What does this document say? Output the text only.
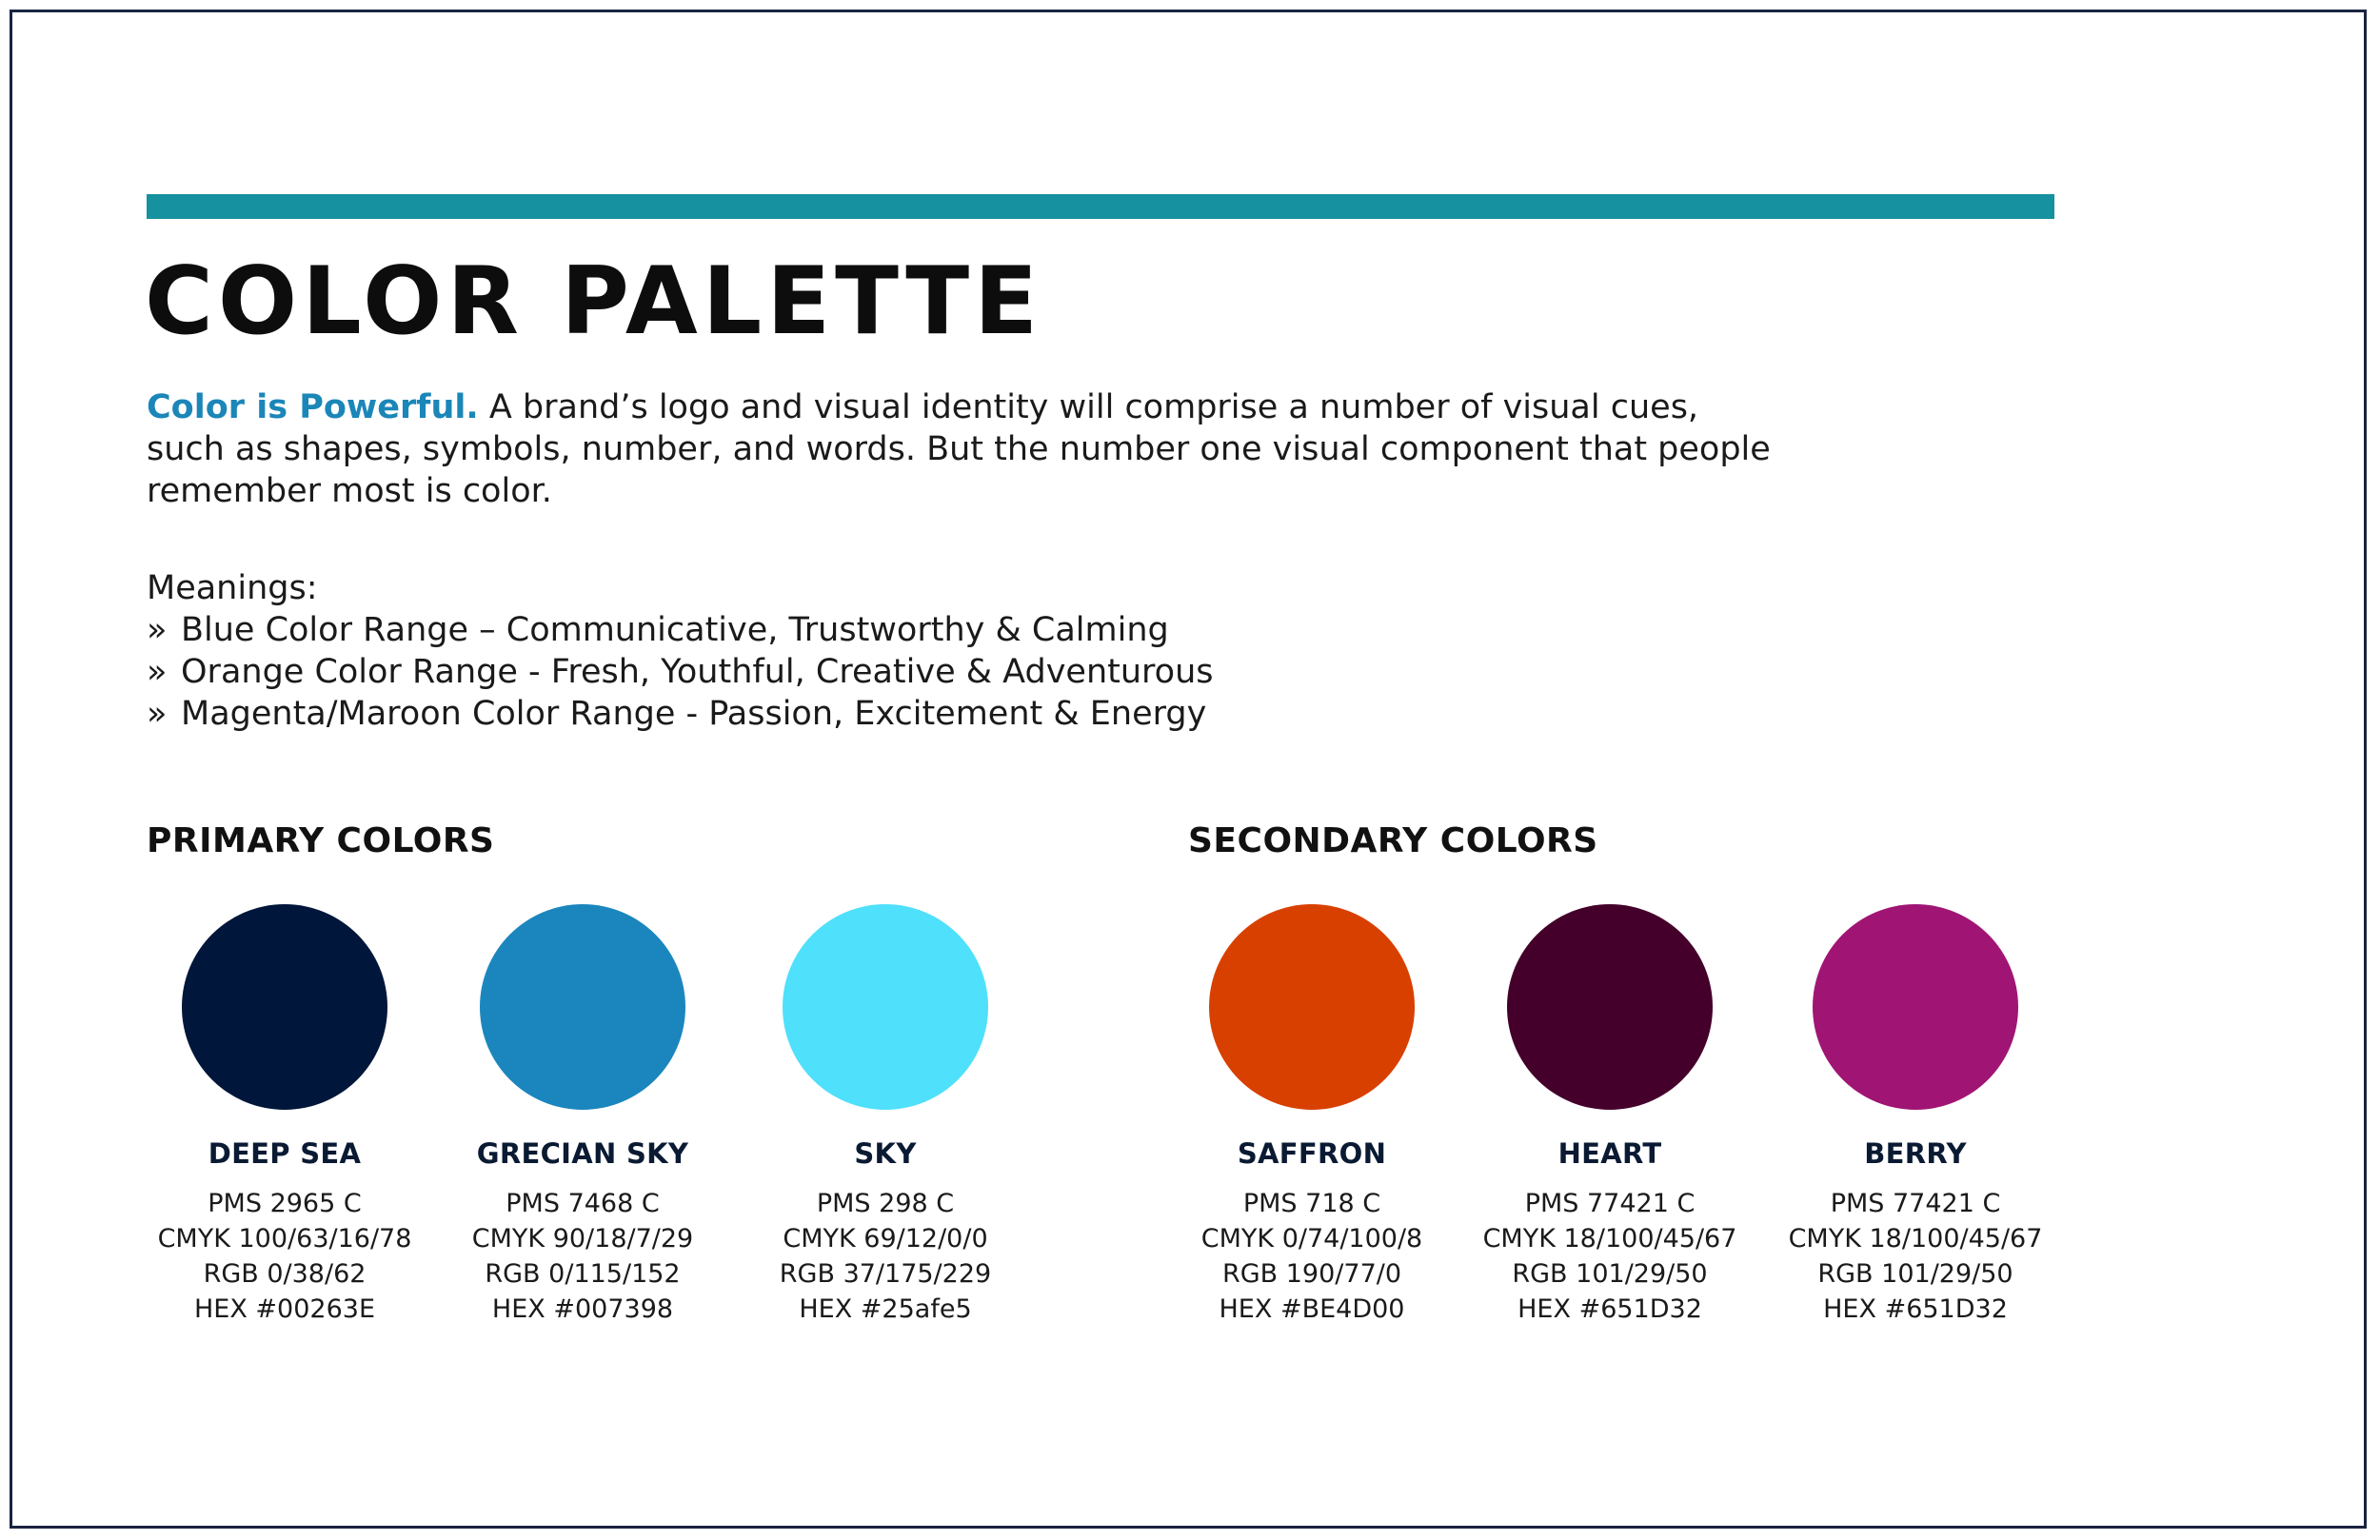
COLOR PALETTE

Color is Powerful. A brand’s logo and visual identity will comprise a number of visual cues, such as shapes, symbols, number, and words. But the number one visual component that people remember most is color.

Meanings:
» Blue Color Range – Communicative, Trustworthy & Calming
» Orange Color Range - Fresh, Youthful, Creative & Adventurous
» Magenta/Maroon Color Range - Passion, Excitement & Energy
PRIMARY COLORS	SECONDARY COLORS
DEEP SEA
PMS 2965 C
CMYK 100/63/16/78
RGB 0/38/62
HEX #00263E
GRECIAN SKY
PMS 7468 C
CMYK 90/18/7/29
RGB 0/115/152
HEX #007398
SKY
PMS 298 C
CMYK 69/12/0/0
RGB 37/175/229
HEX #25afe5
SAFFRON
PMS 718 C
CMYK 0/74/100/8
RGB 190/77/0
HEX #BE4D00
HEART
PMS 77421 C
CMYK 18/100/45/67
RGB 101/29/50
HEX #651D32
BERRY
PMS 77421 C
CMYK 18/100/45/67
RGB 101/29/50
HEX #651D32
